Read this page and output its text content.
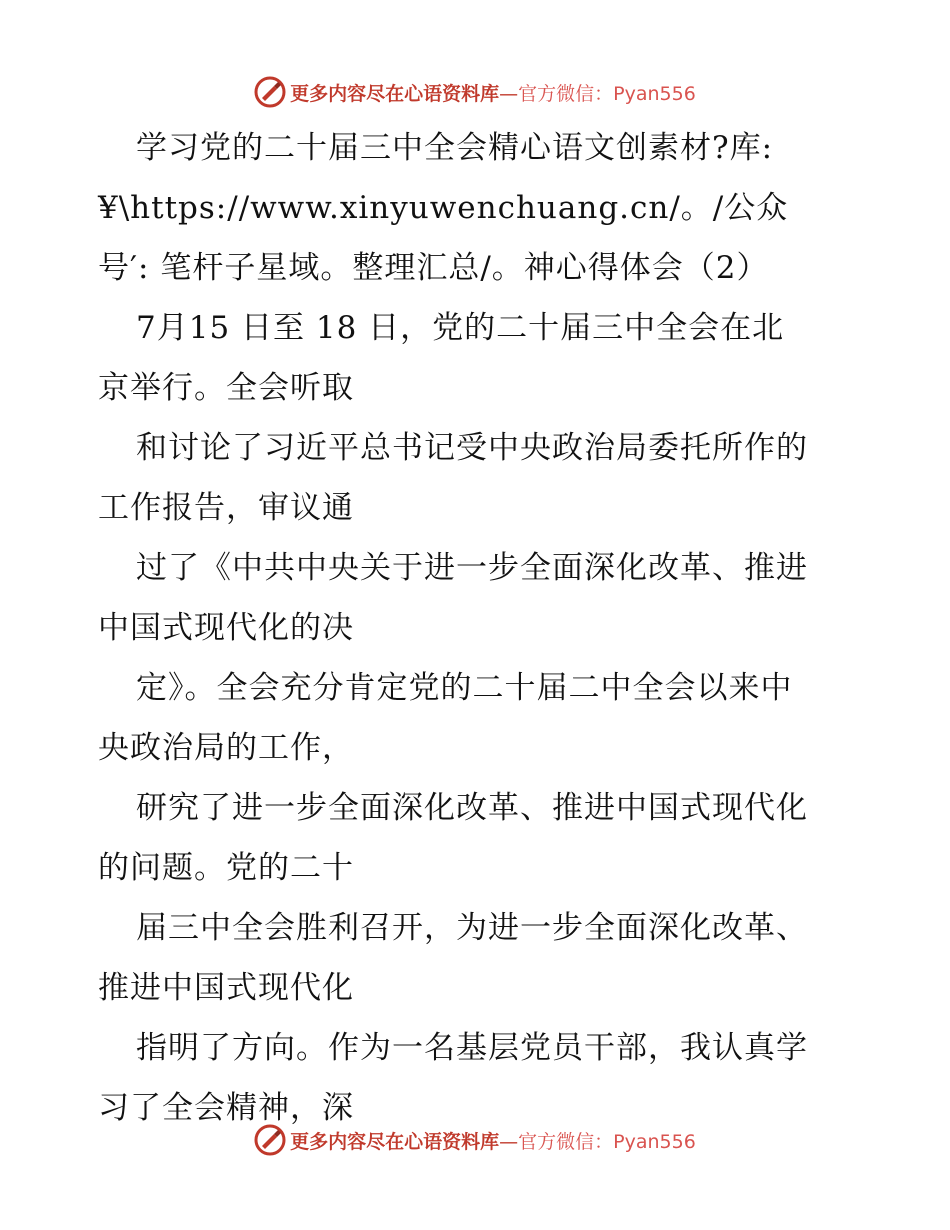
更多内容尽在心语资料库—官方微信：Pyan556
学习党的二十届三中全会精心语文创素材?库:
¥\https://www.xinyuwenchuang.cn/。/公众
号′: 笔杆子星域。整理汇总/。神心得体会（2）
7月15 日至 18 日，党的二十届三中全会在北
京举行。全会听取
和讨论了习近平总书记受中央政治局委托所作的
工作报告，审议通
过了《中共中央关于进一步全面深化改革、推进
中国式现代化的决
定》。全会充分肯定党的二十届二中全会以来中
央政治局的工作，
研究了进一步全面深化改革、推进中国式现代化
的问题。党的二十
届三中全会胜利召开，为进一步全面深化改革、
推进中国式现代化
指明了方向。作为一名基层党员干部，我认真学
习了全会精神，深
更多内容尽在心语资料库—官方微信：Pyan556
